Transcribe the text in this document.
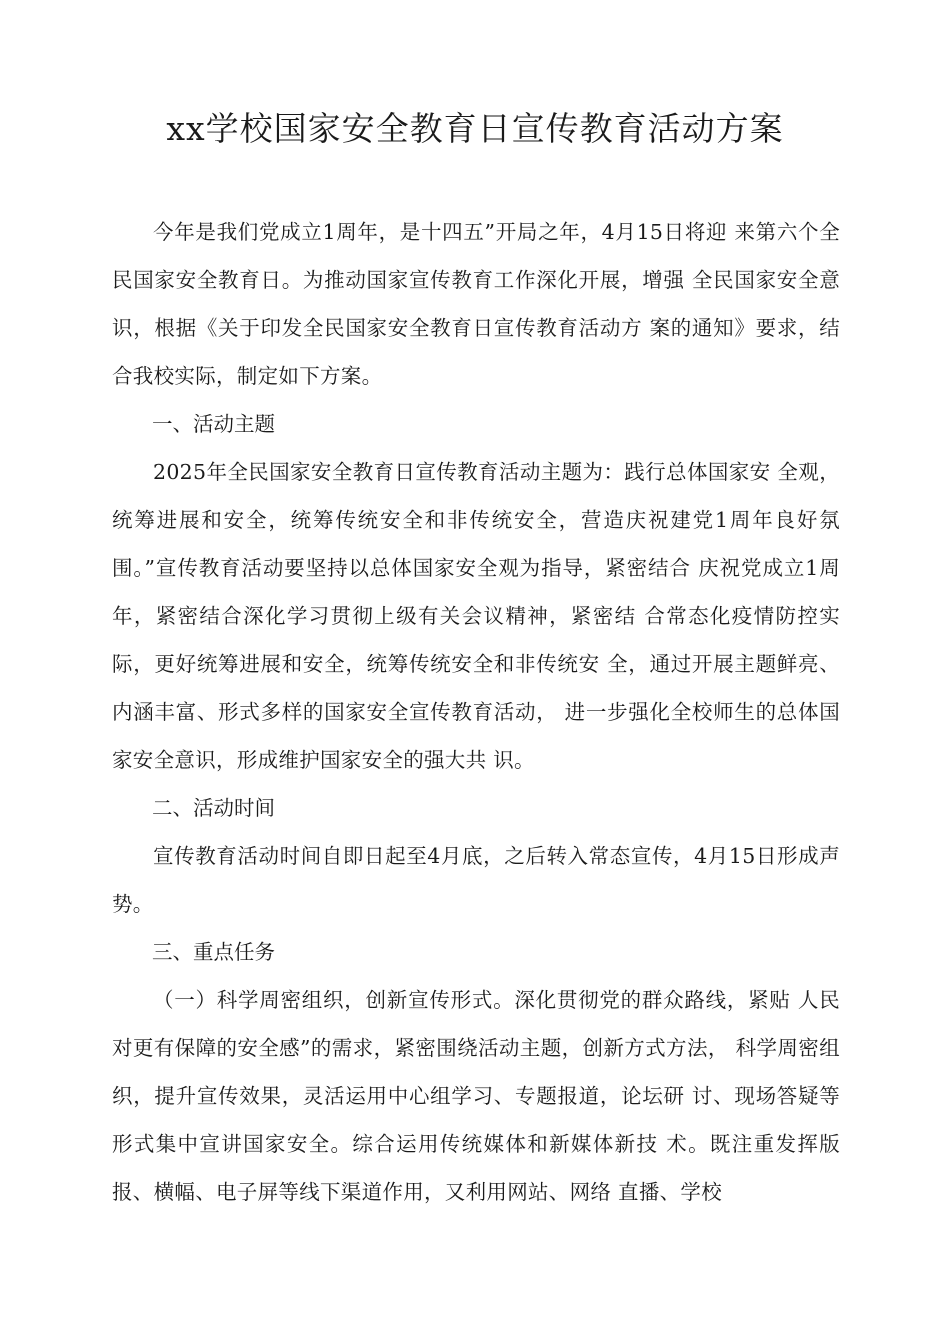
xx学校国家安全教育日宣传教育活动方案

今年是我们党成立1周年，是十四五”开局之年，4月15日将迎 来第六个全民国家安全教育日。为推动国家宣传教育工作深化开展，增强 全民国家安全意识，根据《关于印发全民国家安全教育日宣传教育活动方 案的通知》要求，结合我校实际，制定如下方案。

一、活动主题

2025年全民国家安全教育日宣传教育活动主题为：践行总体国家安 全观，统筹进展和安全，统筹传统安全和非传统安全，营造庆祝建党1周年良好氛围。”宣传教育活动要坚持以总体国家安全观为指导，紧密结合 庆祝党成立1周年，紧密结合深化学习贯彻上级有关会议精神，紧密结 合常态化疫情防控实际，更好统筹进展和安全，统筹传统安全和非传统安 全，通过开展主题鲜亮、内涵丰富、形式多样的国家安全宣传教育活动， 进一步强化全校师生的总体国家安全意识，形成维护国家安全的强大共 识。

二、活动时间

宣传教育活动时间自即日起至4月底，之后转入常态宣传，4月15日形成声势。

三、重点任务

（一）科学周密组织，创新宣传形式。深化贯彻党的群众路线，紧贴 人民对更有保障的安全感”的需求，紧密围绕活动主题，创新方式方法， 科学周密组织，提升宣传效果，灵活运用中心组学习、专题报道，论坛研 讨、现场答疑等形式集中宣讲国家安全。综合运用传统媒体和新媒体新技 术。既注重发挥版报、横幅、电子屏等线下渠道作用，又利用网站、网络 直播、学校
